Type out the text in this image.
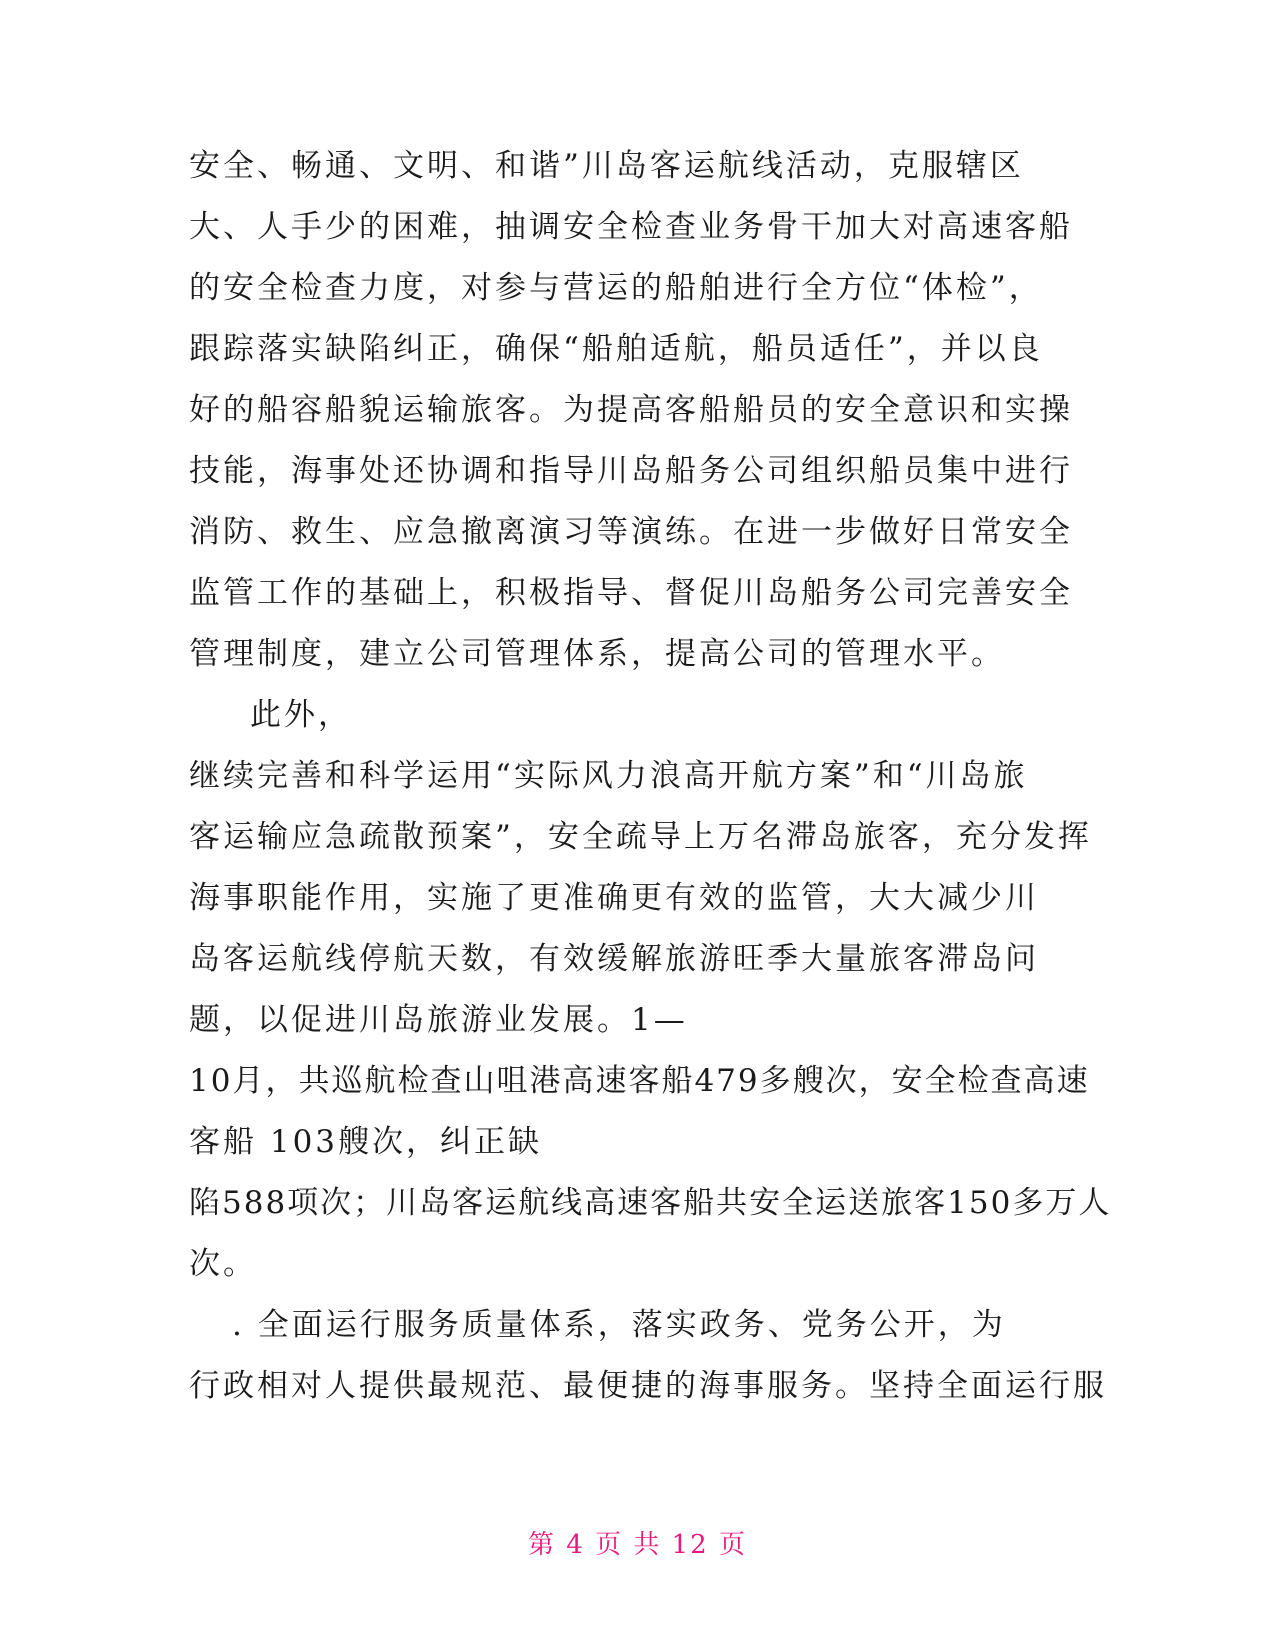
安全、畅通、文明、和谐”川岛客运航线活动，克服辖区
大、人手少的困难，抽调安全检查业务骨干加大对高速客船
的安全检查力度，对参与营运的船舶进行全方位“体检”，
跟踪落实缺陷纠正，确保“船舶适航，船员适任”，并以良
好的船容船貌运输旅客。为提高客船船员的安全意识和实操
技能，海事处还协调和指导川岛船务公司组织船员集中进行
消防、救生、应急撤离演习等演练。在进一步做好日常安全
监管工作的基础上，积极指导、督促川岛船务公司完善安全
管理制度，建立公司管理体系，提高公司的管理水平。
此外，
继续完善和科学运用“实际风力浪高开航方案”和“川岛旅
客运输应急疏散预案”，安全疏导上万名滞岛旅客，充分发挥
海事职能作用，实施了更准确更有效的监管，大大减少川
岛客运航线停航天数，有效缓解旅游旺季大量旅客滞岛问
题，以促进川岛旅游业发展。1—
10月，共巡航检查山咀港高速客船479多艘次，安全检查高速
客船 103艘次，纠正缺
陷588项次；川岛客运航线高速客船共安全运送旅客150多万人
次。
. 全面运行服务质量体系，落实政务、党务公开，为
行政相对人提供最规范、最便捷的海事服务。坚持全面运行服
第 4 页 共 12 页
